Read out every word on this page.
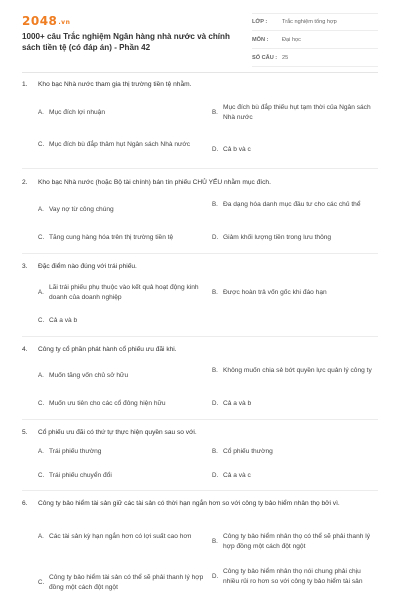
2048.vn
1000+ câu Trắc nghiệm Ngân hàng nhà nước và chính sách tiền tệ (có đáp án) - Phần 42
LỚP :	Trắc nghiệm tổng hợp
MÔN :	Đại học
SỐ CÂU : 25
1.	Kho bạc Nhà nước tham gia thị trường tiền tệ nhằm.
A. Mục đích lợi nhuận	B.
Mục đích bù đắp thiếu hụt tạm thời của Ngân sách Nhà nước
C. Mục đích bù đắp thâm hụt Ngân sách Nhà nước
D. Cả b và c
2.	Kho bạc Nhà nước (hoặc Bộ tài chính) bán tín phiếu CHỦ YẾU nhằm mục đích.
A. Vay nợ từ công chúng
B. Đa dạng hóa danh mục đầu tư cho các chủ thể
C. Tăng cung hàng hóa trên thị trường tiền tệ	D. Giảm khối lượng tiền trong lưu thông
3.	Đặc điểm nào đúng với trái phiếu.
A.
Lãi trái phiếu phụ thuộc vào kết quả hoạt động kinh doanh của doanh nghiệp
B. Được hoàn trả vốn gốc khi đáo hạn
C. Cả a và b
4.	Công ty cổ phần phát hành cổ phiếu ưu đãi khi.
A. Muốn tăng vốn chủ sở hữu
B. Không muốn chia sẻ bớt quyền lực quản lý công ty
C. Muốn ưu tiên cho các cổ đông hiện hữu	D. Cả a và b
5.	Cổ phiếu ưu đãi có thứ tự thực hiện quyền sau so với.
A. Trái phiếu thường	B. Cổ phiếu thường
C. Trái phiếu chuyển đổi	D. Cả a và c
6.	Công ty bảo hiểm tài sản giữ các tài sản có thời hạn ngắn hơn so với công ty bảo hiểm nhân thọ bởi vì.
A. Các tài sản kỳ hạn ngắn hơn có lợi suất cao hơn
B.
Công ty bảo hiểm nhân thọ có thể sẽ phải thanh lý hợp đồng một cách đột ngột
C.
Công ty bảo hiểm tài sản có thể sẽ phải thanh lý hợp đồng một cách đột ngột
D.
Công ty bảo hiểm nhân thọ nói chung phải chịu nhiều rủi ro hơn so với công ty bảo hiểm tài sản
